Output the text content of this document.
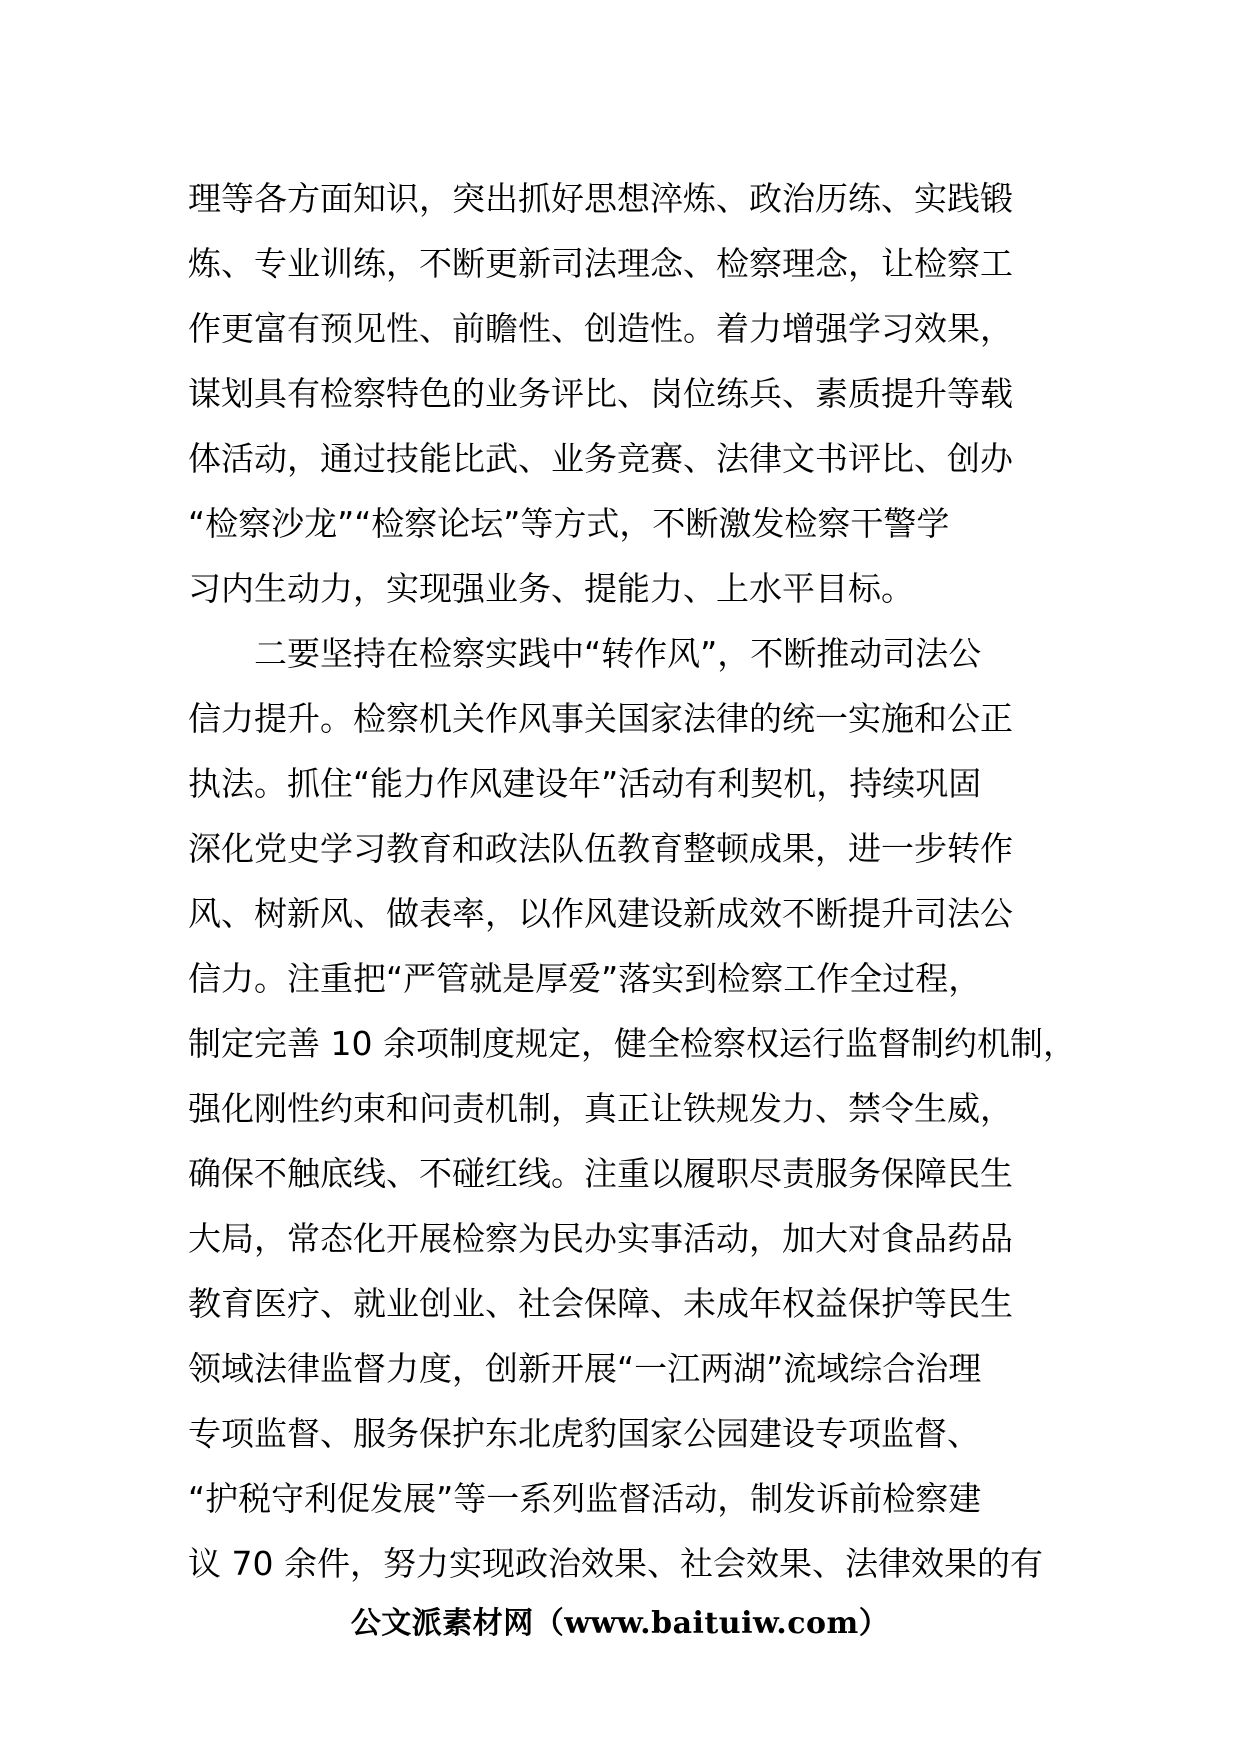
理等各方面知识，突出抓好思想淬炼、政治历练、实践锻
炼、专业训练，不断更新司法理念、检察理念，让检察工
作更富有预见性、前瞻性、创造性。着力增强学习效果，
谋划具有检察特色的业务评比、岗位练兵、素质提升等载
体活动，通过技能比武、业务竞赛、法律文书评比、创办
“检察沙龙”“检察论坛”等方式，不断激发检察干警学
习内生动力，实现强业务、提能力、上水平目标。
　　二要坚持在检察实践中“转作风”，不断推动司法公
信力提升。检察机关作风事关国家法律的统一实施和公正
执法。抓住“能力作风建设年”活动有利契机，持续巩固
深化党史学习教育和政法队伍教育整顿成果，进一步转作
风、树新风、做表率，以作风建设新成效不断提升司法公
信力。注重把“严管就是厚爱”落实到检察工作全过程，
制定完善 10 余项制度规定，健全检察权运行监督制约机制，
强化刚性约束和问责机制，真正让铁规发力、禁令生威，
确保不触底线、不碰红线。注重以履职尽责服务保障民生
大局，常态化开展检察为民办实事活动，加大对食品药品
教育医疗、就业创业、社会保障、未成年权益保护等民生
领域法律监督力度，创新开展“一江两湖”流域综合治理
专项监督、服务保护东北虎豹国家公园建设专项监督、
“护税守利促发展”等一系列监督活动，制发诉前检察建
议 70 余件，努力实现政治效果、社会效果、法律效果的有
公文派素材网（www.baituiw.com）
